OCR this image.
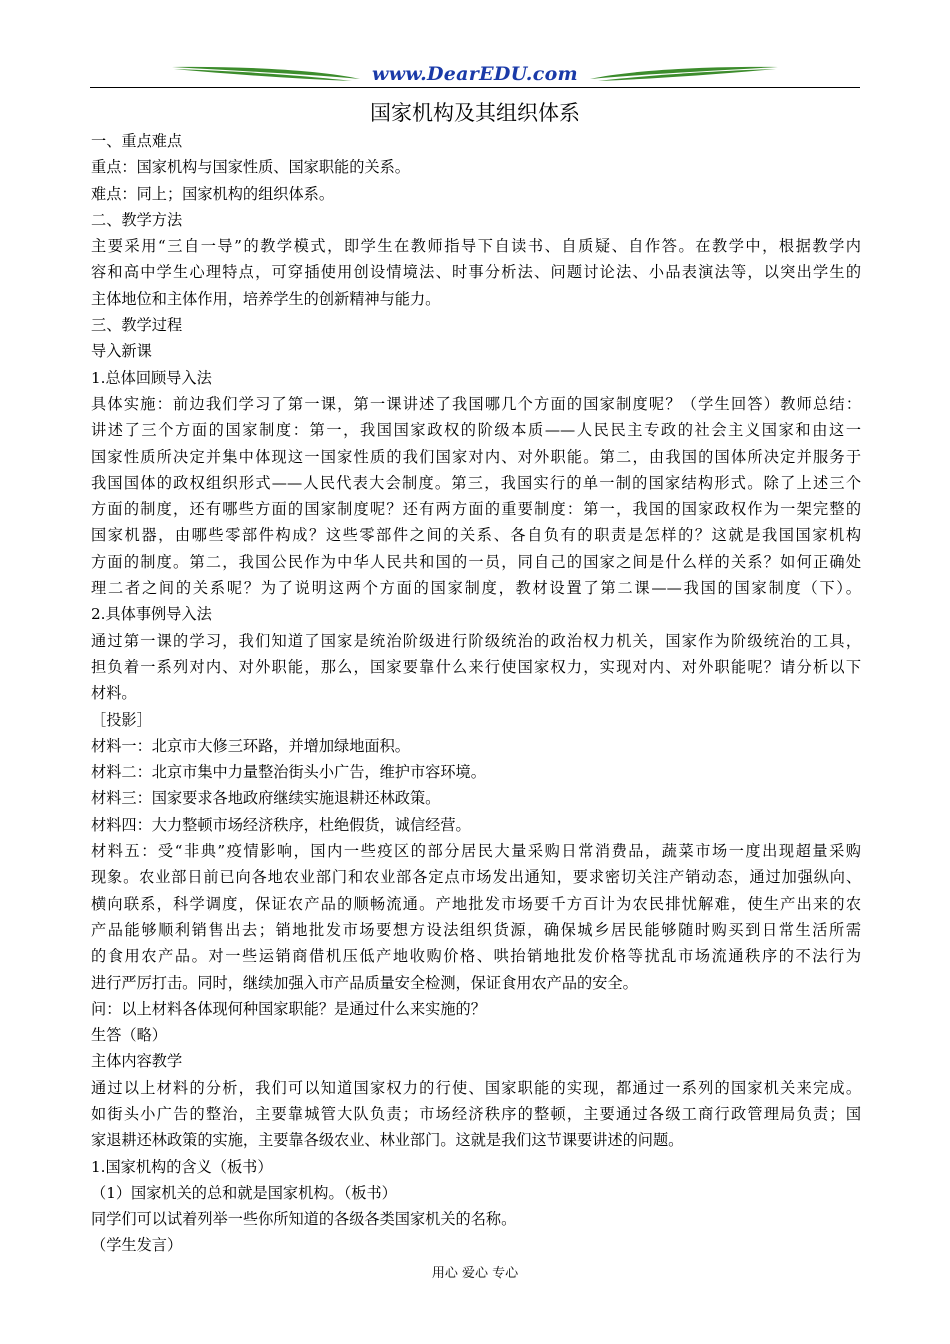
www.DearEDU.com
国家机构及其组织体系
一、重点难点
重点：国家机构与国家性质、国家职能的关系。
难点：同上；国家机构的组织体系。
二、教学方法
主要采用“三自一导”的教学模式，即学生在教师指导下自读书、自质疑、自作答。在教学中，根据教学内
容和高中学生心理特点，可穿插使用创设情境法、时事分析法、问题讨论法、小品表演法等，以突出学生的
主体地位和主体作用，培养学生的创新精神与能力。
三、教学过程
导入新课
1.总体回顾导入法
具体实施：前边我们学习了第一课，第一课讲述了我国哪几个方面的国家制度呢？（学生回答）教师总结：
讲述了三个方面的国家制度：第一，我国国家政权的阶级本质——人民民主专政的社会主义国家和由这一
国家性质所决定并集中体现这一国家性质的我们国家对内、对外职能。第二，由我国的国体所决定并服务于
我国国体的政权组织形式——人民代表大会制度。第三，我国实行的单一制的国家结构形式。除了上述三个
方面的制度，还有哪些方面的国家制度呢？还有两方面的重要制度：第一，我国的国家政权作为一架完整的
国家机器，由哪些零部件构成？这些零部件之间的关系、各自负有的职责是怎样的？这就是我国国家机构
方面的制度。第二，我国公民作为中华人民共和国的一员，同自己的国家之间是什么样的关系？如何正确处
理二者之间的关系呢？为了说明这两个方面的国家制度，教材设置了第二课——我国的国家制度（下）。
2.具体事例导入法
通过第一课的学习，我们知道了国家是统治阶级进行阶级统治的政治权力机关，国家作为阶级统治的工具，
担负着一系列对内、对外职能，那么，国家要靠什么来行使国家权力，实现对内、对外职能呢？请分析以下
材料。
［投影］
材料一：北京市大修三环路，并增加绿地面积。
材料二：北京市集中力量整治街头小广告，维护市容环境。
材料三：国家要求各地政府继续实施退耕还林政策。
材料四：大力整顿市场经济秩序，杜绝假货，诚信经营。
材料五：受“非典”疫情影响，国内一些疫区的部分居民大量采购日常消费品，蔬菜市场一度出现超量采购
现象。农业部日前已向各地农业部门和农业部各定点市场发出通知，要求密切关注产销动态，通过加强纵向、
横向联系，科学调度，保证农产品的顺畅流通。产地批发市场要千方百计为农民排忧解难，使生产出来的农
产品能够顺利销售出去；销地批发市场要想方设法组织货源，确保城乡居民能够随时购买到日常生活所需
的食用农产品。对一些运销商借机压低产地收购价格、哄抬销地批发价格等扰乱市场流通秩序的不法行为
进行严厉打击。同时，继续加强入市产品质量安全检测，保证食用农产品的安全。
问：以上材料各体现何种国家职能？是通过什么来实施的？
生答（略）
主体内容教学
通过以上材料的分析，我们可以知道国家权力的行使、国家职能的实现，都通过一系列的国家机关来完成。
如街头小广告的整治，主要靠城管大队负责；市场经济秩序的整顿，主要通过各级工商行政管理局负责；国
家退耕还林政策的实施，主要靠各级农业、林业部门。这就是我们这节课要讲述的问题。
1.国家机构的含义（板书）
（1）国家机关的总和就是国家机构。（板书）
同学们可以试着列举一些你所知道的各级各类国家机关的名称。
（学生发言）
用心 爱心 专心
